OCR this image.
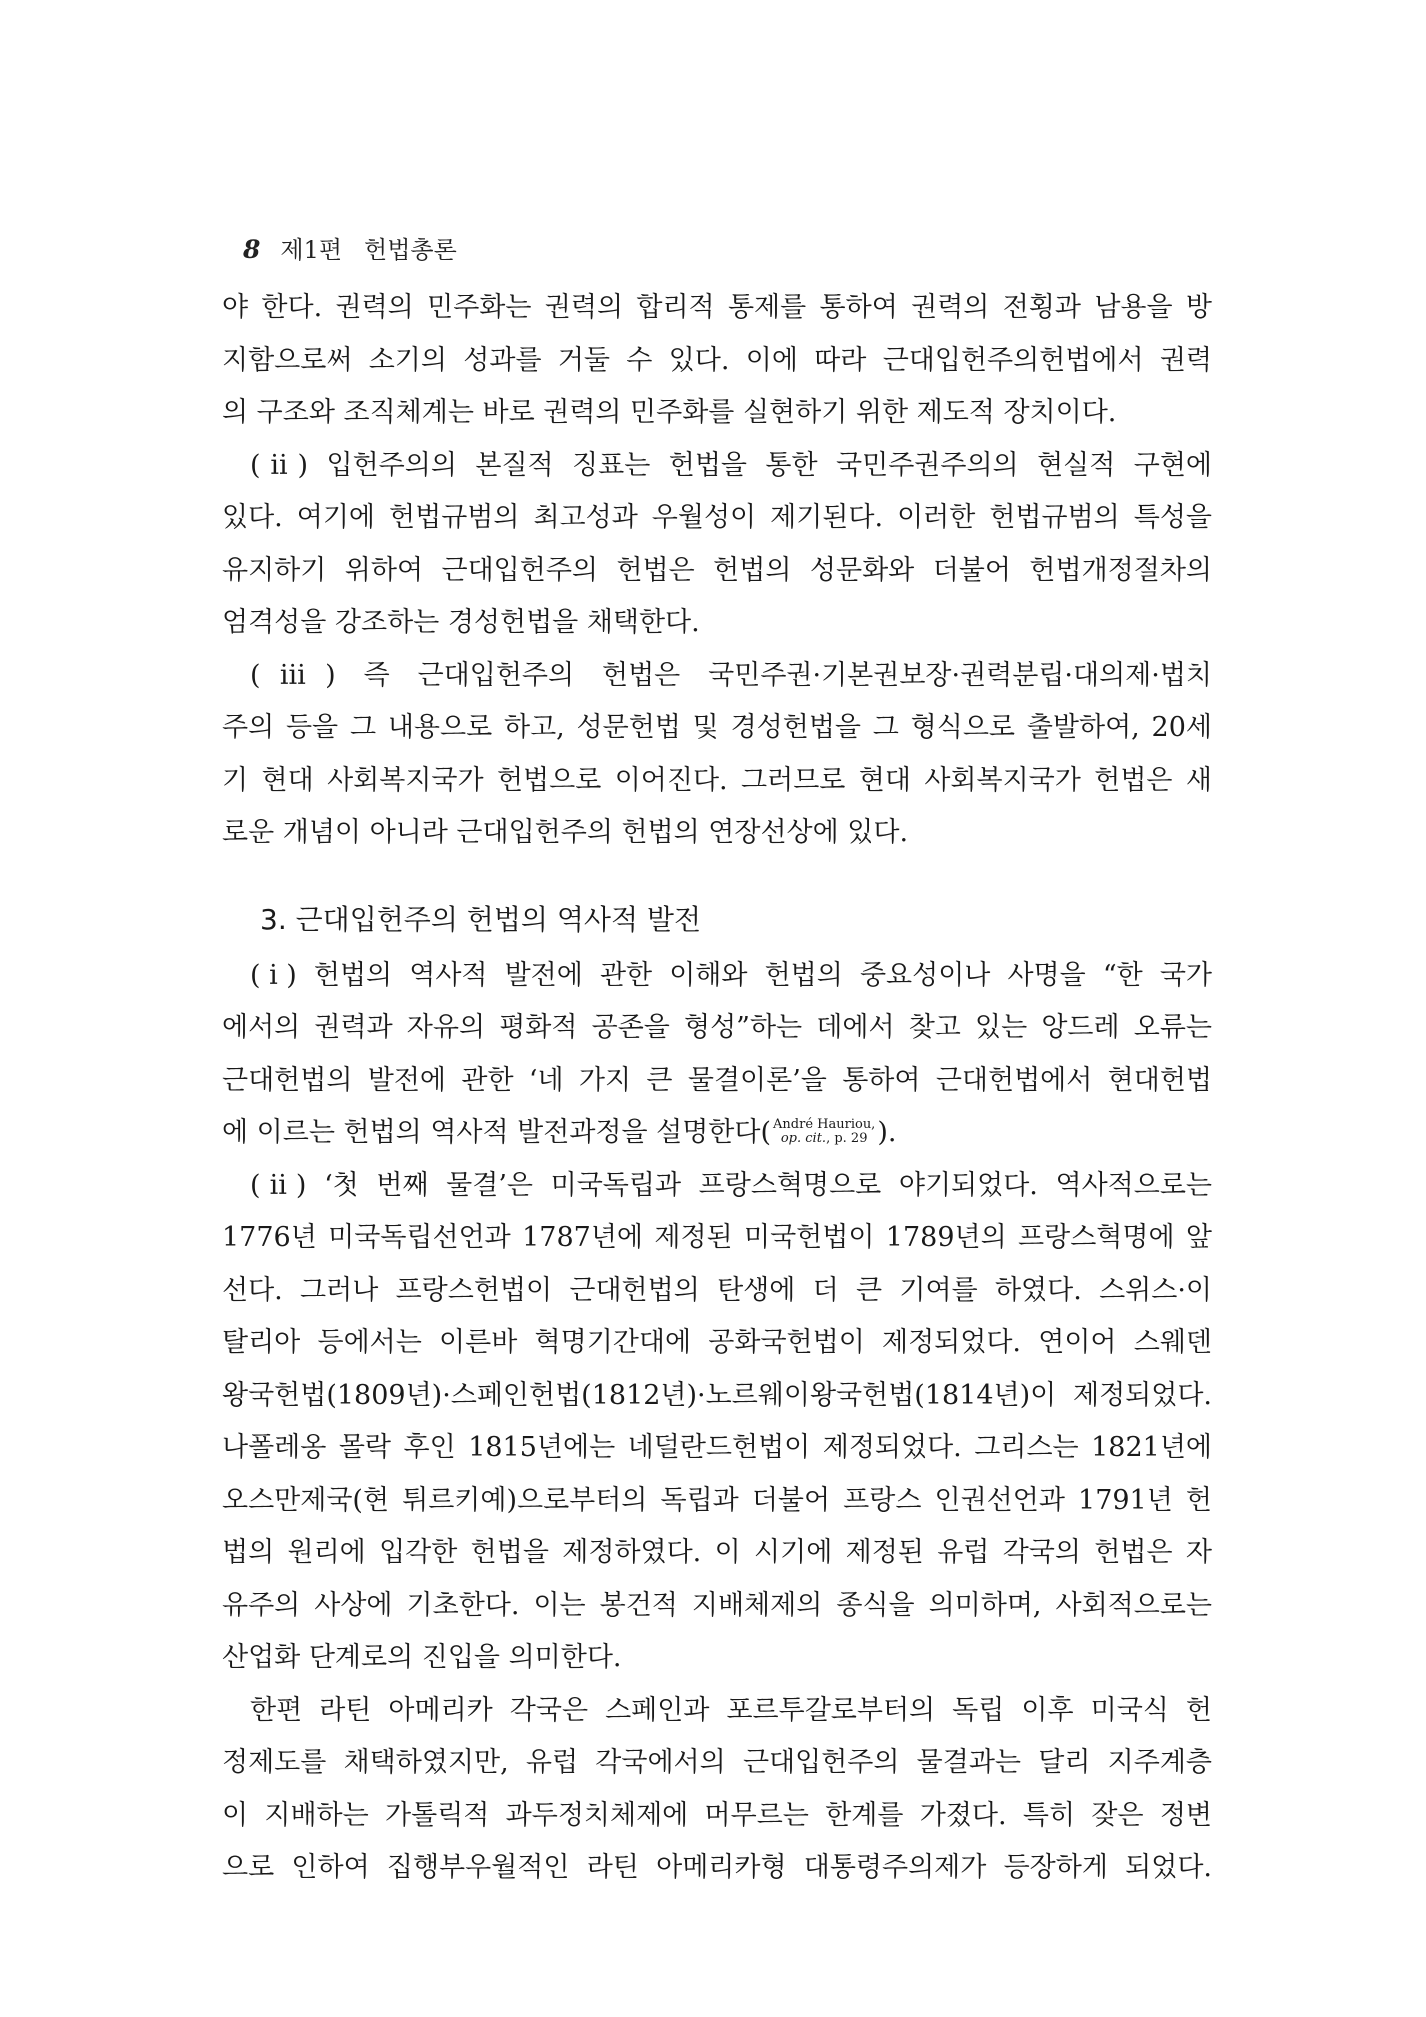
8 제1편 헌법총론
야 한다. 권력의 민주화는 권력의 합리적 통제를 통하여 권력의 전횡과 남용을 방
지함으로써 소기의 성과를 거둘 수 있다. 이에 따라 근대입헌주의헌법에서 권력
의 구조와 조직체계는 바로 권력의 민주화를 실현하기 위한 제도적 장치이다.
(ⅱ) 입헌주의의 본질적 징표는 헌법을 통한 국민주권주의의 현실적 구현에
있다. 여기에 헌법규범의 최고성과 우월성이 제기된다. 이러한 헌법규범의 특성을
유지하기 위하여 근대입헌주의 헌법은 헌법의 성문화와 더불어 헌법개정절차의
엄격성을 강조하는 경성헌법을 채택한다.
(ⅲ) 즉 근대입헌주의 헌법은 국민주권·기본권보장·권력분립·대의제·법치
주의 등을 그 내용으로 하고, 성문헌법 및 경성헌법을 그 형식으로 출발하여, 20세
기 현대 사회복지국가 헌법으로 이어진다. 그러므로 현대 사회복지국가 헌법은 새
로운 개념이 아니라 근대입헌주의 헌법의 연장선상에 있다.
3. 근대입헌주의 헌법의 역사적 발전
(ⅰ) 헌법의 역사적 발전에 관한 이해와 헌법의 중요성이나 사명을 “한 국가
에서의 권력과 자유의 평화적 공존을 형성”하는 데에서 찾고 있는 앙드레 오류는
근대헌법의 발전에 관한 ‘네 가지 큰 물결이론’을 통하여 근대헌법에서 현대헌법
에 이르는 헌법의 역사적 발전과정을 설명한다( André Hauriou,
op. cit., p. 29 ).
(ⅱ) ‘첫 번째 물결’은 미국독립과 프랑스혁명으로 야기되었다. 역사적으로는
1776년 미국독립선언과 1787년에 제정된 미국헌법이 1789년의 프랑스혁명에 앞
선다. 그러나 프랑스헌법이 근대헌법의 탄생에 더 큰 기여를 하였다. 스위스·이
탈리아 등에서는 이른바 혁명기간대에 공화국헌법이 제정되었다. 연이어 스웨덴
왕국헌법(1809년)·스페인헌법(1812년)·노르웨이왕국헌법(1814년)이 제정되었다.
나폴레옹 몰락 후인 1815년에는 네덜란드헌법이 제정되었다. 그리스는 1821년에
오스만제국(현 튀르키예)으로부터의 독립과 더불어 프랑스 인권선언과 1791년 헌
법의 원리에 입각한 헌법을 제정하였다. 이 시기에 제정된 유럽 각국의 헌법은 자
유주의 사상에 기초한다. 이는 봉건적 지배체제의 종식을 의미하며, 사회적으로는
산업화 단계로의 진입을 의미한다.
한편 라틴 아메리카 각국은 스페인과 포르투갈로부터의 독립 이후 미국식 헌
정제도를 채택하였지만, 유럽 각국에서의 근대입헌주의 물결과는 달리 지주계층
이 지배하는 가톨릭적 과두정치체제에 머무르는 한계를 가졌다. 특히 잦은 정변
으로 인하여 집행부우월적인 라틴 아메리카형 대통령주의제가 등장하게 되었다.
